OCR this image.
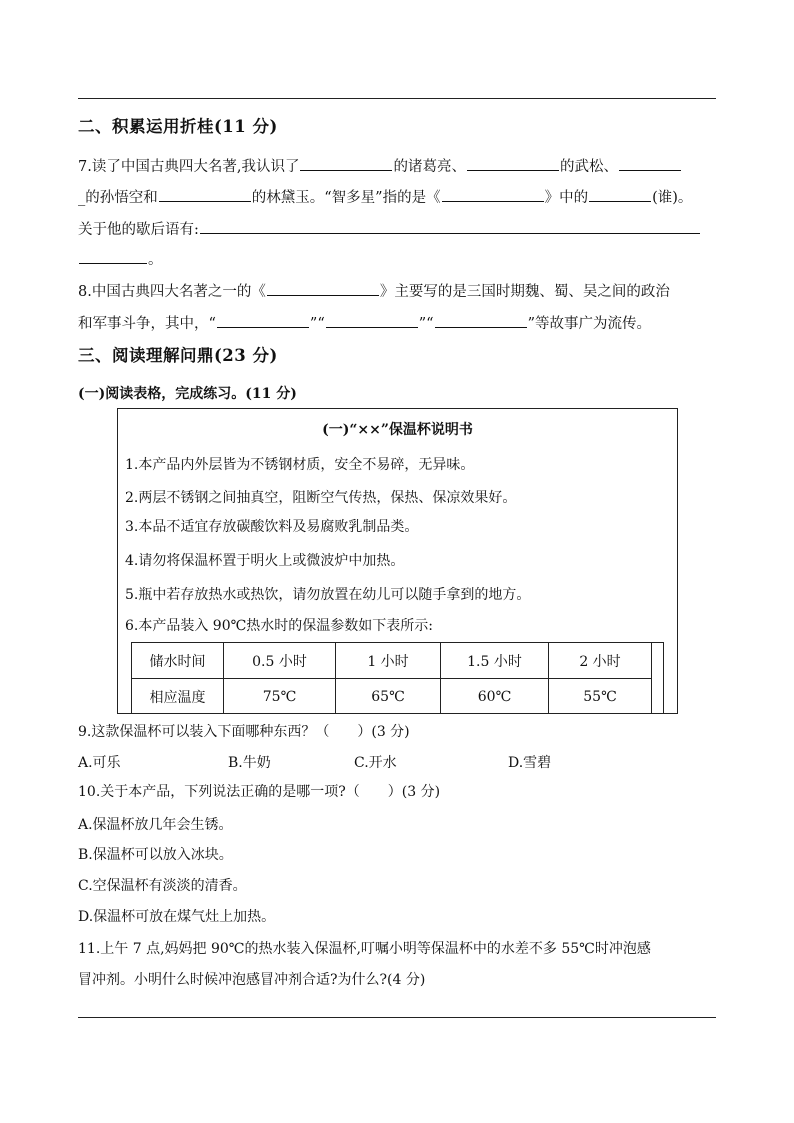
二、积累运用折桂(11 分)
7.读了中国古典四大名著,我认识了	的诸葛亮、	的武松、
_的孙悟空和	的林黛玉。“智多星”指的是《	》中的	(谁)。
关于他的歇后语有:
。
8.中国古典四大名著之一的《	》主要写的是三国时期魏、蜀、吴之间的政治
和军事斗争，其中，“	”“	”“	”等故事广为流传。
三、阅读理解问鼎(23 分)
(一)阅读表格，完成练习。(11 分)
(一)“××”保温杯说明书
1.本产品内外层皆为不锈钢材质，安全不易碎，无异味。
2.两层不锈钢之间抽真空，阻断空气传热，保热、保凉效果好。
3.本品不适宜存放碳酸饮料及易腐败乳制品类。
4.请勿将保温杯置于明火上或微波炉中加热。
5.瓶中若存放热水或热饮，请勿放置在幼儿可以随手拿到的地方。
6.本产品装入 90℃热水时的保温参数如下表所示:
储水时间	0.5 小时	1 小时	1.5 小时	2 小时	
相应温度	75℃	65℃	60℃	55℃	
9.这款保温杯可以装入下面哪种东西？（　　）(3 分)
A.可乐	B.牛奶	C.开水	D.雪碧
10.关于本产品，下列说法正确的是哪一项?（　　）(3 分)
A.保温杯放几年会生锈。
B.保温杯可以放入冰块。
C.空保温杯有淡淡的清香。
D.保温杯可放在煤气灶上加热。
11.上午 7 点,妈妈把 90℃的热水装入保温杯,叮嘱小明等保温杯中的水差不多 55℃时冲泡感
冒冲剂。小明什么时候冲泡感冒冲剂合适?为什么?(4 分)
